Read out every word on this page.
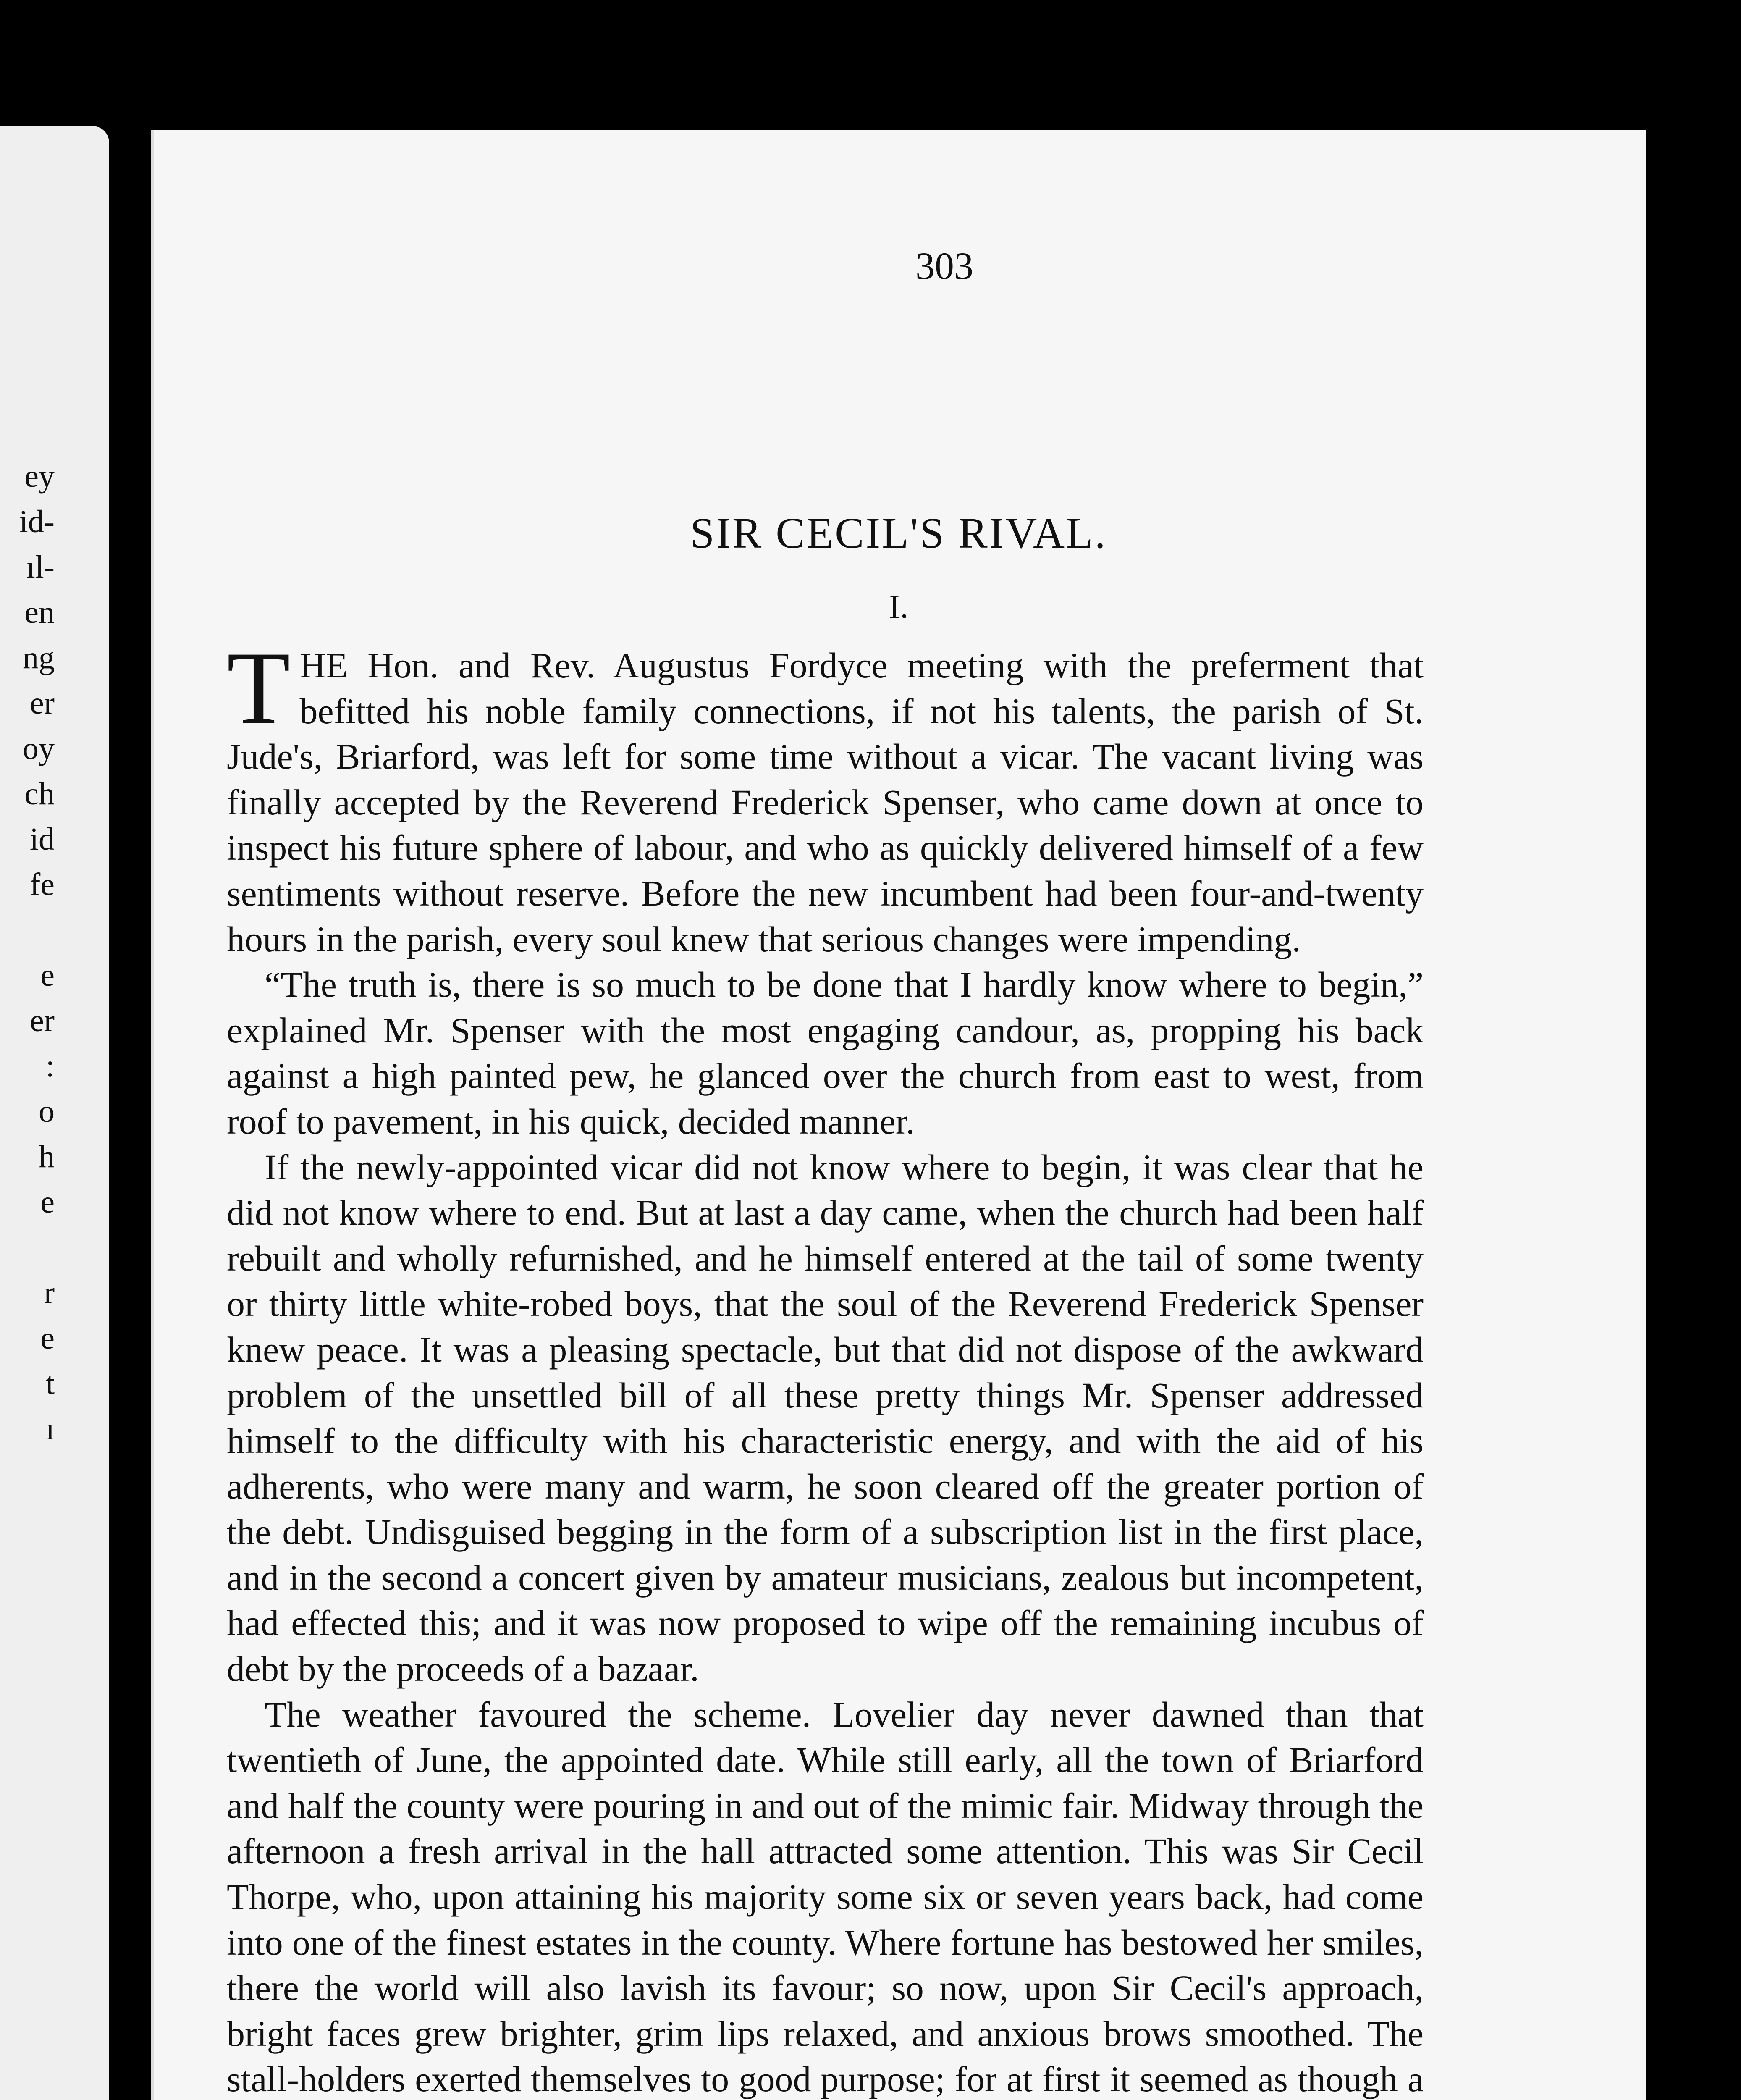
ey
id-
ıl-
en
ng
er
oy
ch
id
fe
e
er
:
o
h
e
r
e
t
ı
303
SIR CECIL'S RIVAL.
I.

THE Hon. and Rev. Augustus Fordyce meeting with the preferment that befitted his noble family connections, if not his talents, the parish of St. Jude's, Briarford, was left for some time without a vicar. The vacant living was finally accepted by the Reverend Frederick Spenser, who came down at once to inspect his future sphere of labour, and who as quickly delivered himself of a few sentiments without reserve. Before the new incumbent had been four-and-twenty hours in the parish, every soul knew that serious changes were impending.

“The truth is, there is so much to be done that I hardly know where to begin,” explained Mr. Spenser with the most engaging candour, as, propping his back against a high painted pew, he glanced over the church from east to west, from roof to pavement, in his quick, decided manner.

If the newly-appointed vicar did not know where to begin, it was clear that he did not know where to end. But at last a day came, when the church had been half rebuilt and wholly refurnished, and he himself entered at the tail of some twenty or thirty little white-robed boys, that the soul of the Reverend Frederick Spenser knew peace. It was a pleasing spectacle, but that did not dispose of the awkward problem of the unsettled bill of all these pretty things Mr. Spenser addressed himself to the difficulty with his characteristic energy, and with the aid of his adherents, who were many and warm, he soon cleared off the greater portion of the debt. Undisguised begging in the form of a subscription list in the first place, and in the second a concert given by amateur musicians, zealous but incompetent, had effected this; and it was now proposed to wipe off the remaining incubus of debt by the proceeds of a bazaar.

The weather favoured the scheme. Lovelier day never dawned than that twentieth of June, the appointed date. While still early, all the town of Briarford and half the county were pouring in and out of the mimic fair. Midway through the afternoon a fresh arrival in the hall attracted some attention. This was Sir Cecil Thorpe, who, upon attaining his majority some six or seven years back, had come into one of the finest estates in the county. Where fortune has bestowed her smiles, there the world will also lavish its favour; so now, upon Sir Cecil's approach, bright faces grew brighter, grim lips relaxed, and anxious brows smoothed. The stall-holders exerted themselves to good purpose; for at first it seemed as though a
